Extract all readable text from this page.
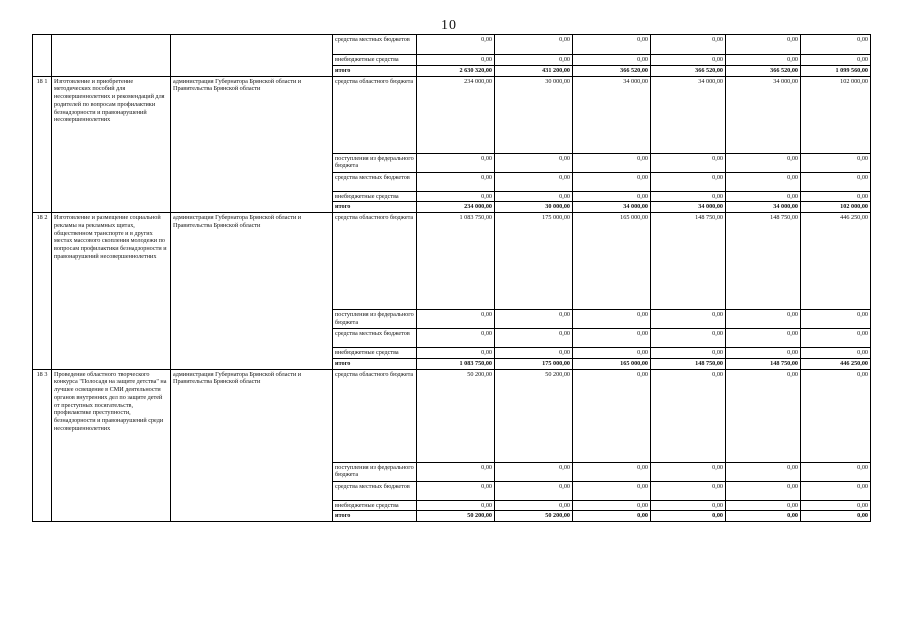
10
			средства местных бюджетов	0,00	0,00	0,00	0,00	0,00	0,00
			внебюджетные средства	0,00	0,00	0,00	0,00	0,00	0,00
			итого	2 630 320,00	431 200,00	366 520,00	366 520,00	366 520,00	1 099 560,00
18 1	Изготовление и приобретение методических пособий для несовершеннолетних и рекомендаций для родителей по вопросам профилактики безнадзорности и правонарушений несовершеннолетних	администрация Губернатора Брянской области и Правительства Брянской области	средства областного бюджета	234 000,00	30 000,00	34 000,00	34 000,00	34 000,00	102 000,00
			поступления из федерального бюджета	0,00	0,00	0,00	0,00	0,00	0,00
			средства местных бюджетов	0,00	0,00	0,00	0,00	0,00	0,00
			внебюджетные средства	0,00	0,00	0,00	0,00	0,00	0,00
			итого	234 000,00	30 000,00	34 000,00	34 000,00	34 000,00	102 000,00
18 2	Изготовление и размещение социальной рекламы на рекламных щитах, общественном транспорте и в других местах массового скопления молодежи по вопросам профилактики безнадзорности и правонарушений несовершеннолетних	администрация Губернатора Брянской области и Правительства Брянской области	средства областного бюджета	1 083 750,00	175 000,00	165 000,00	148 750,00	148 750,00	446 250,00
			поступления из федерального бюджета	0,00	0,00	0,00	0,00	0,00	0,00
			средства местных бюджетов	0,00	0,00	0,00	0,00	0,00	0,00
			внебюджетные средства	0,00	0,00	0,00	0,00	0,00	0,00
			итого	1 083 750,00	175 000,00	165 000,00	148 750,00	148 750,00	446 250,00
18 3	Проведение областного творческого конкурса "Полосадя на защите детства" на лучшее освещение в СМИ деятельности органов внутренних дел по защите детей от преступных посягательств, профилактике преступности, безнадзорности и правонарушений среди несовершеннолетних	администрация Губернатора Брянской области и Правительства Брянской области	средства областного бюджета	50 200,00	50 200,00	0,00	0,00	0,00	0,00
			поступления из федерального бюджета	0,00	0,00	0,00	0,00	0,00	0,00
			средства местных бюджетов	0,00	0,00	0,00	0,00	0,00	0,00
			внебюджетные средства	0,00	0,00	0,00	0,00	0,00	0,00
			итого	50 200,00	50 200,00	0,00	0,00	0,00	0,00
